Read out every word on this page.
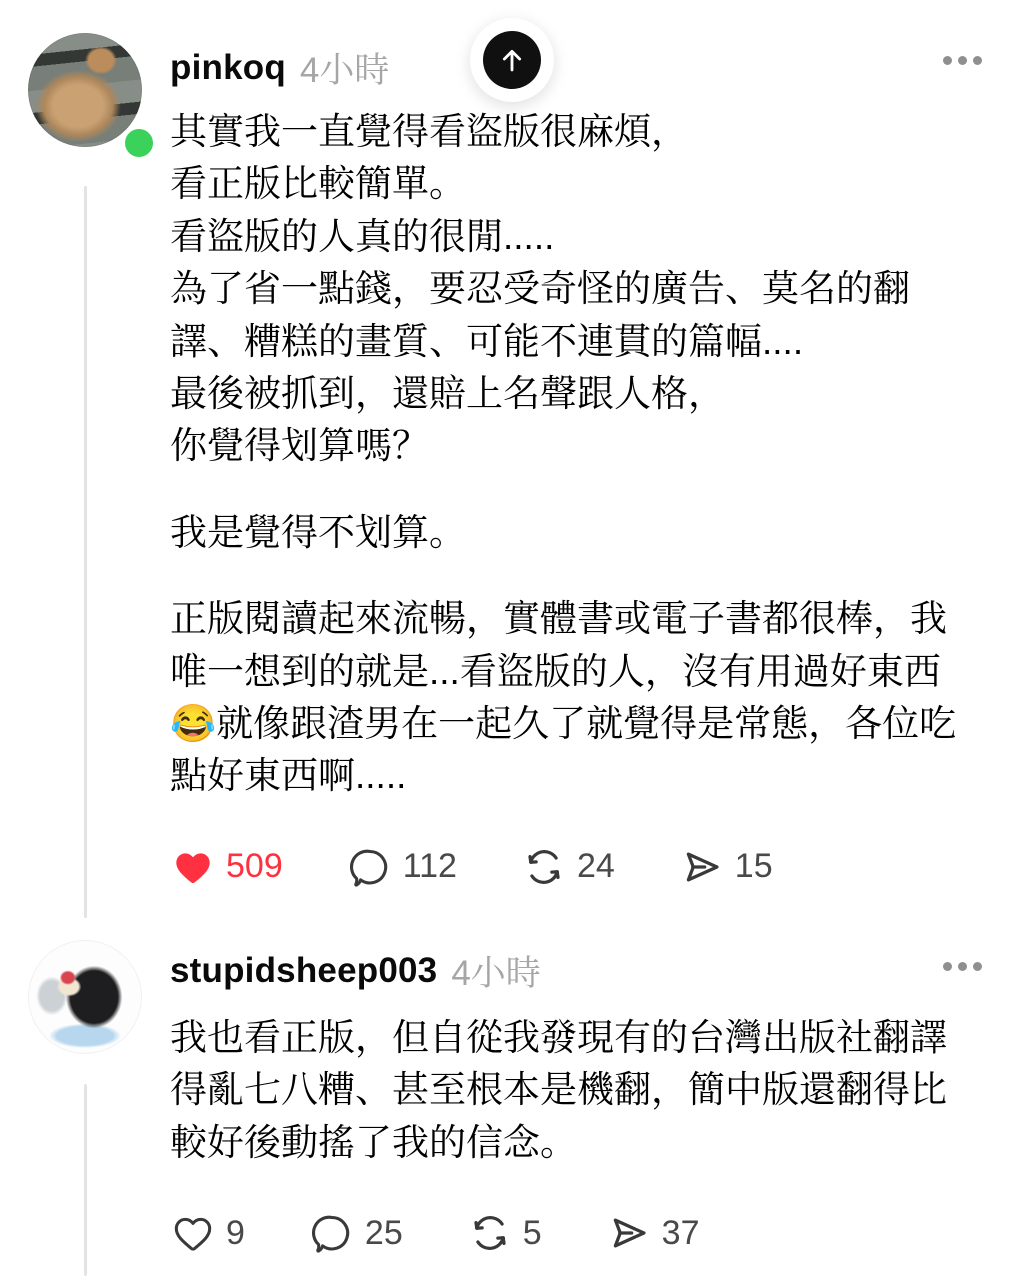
pinkoq 4小時
其實我一直覺得看盜版很麻煩，
看正版比較簡單。
看盜版的人真的很閒.....
為了省一點錢，要忍受奇怪的廣告、莫名的翻
譯、糟糕的畫質、可能不連貫的篇幅....
最後被抓到，還賠上名聲跟人格，
你覺得划算嗎？
我是覺得不划算。
正版閱讀起來流暢，實體書或電子書都很棒，我
唯一想到的就是...看盜版的人，沒有用過好東西
😂就像跟渣男在一起久了就覺得是常態，各位吃
點好東西啊.....
509	112	24	15
stupidsheep003 4小時
我也看正版，但自從我發現有的台灣出版社翻譯
得亂七八糟、甚至根本是機翻，簡中版還翻得比
較好後動搖了我的信念。
9	25	5	37
